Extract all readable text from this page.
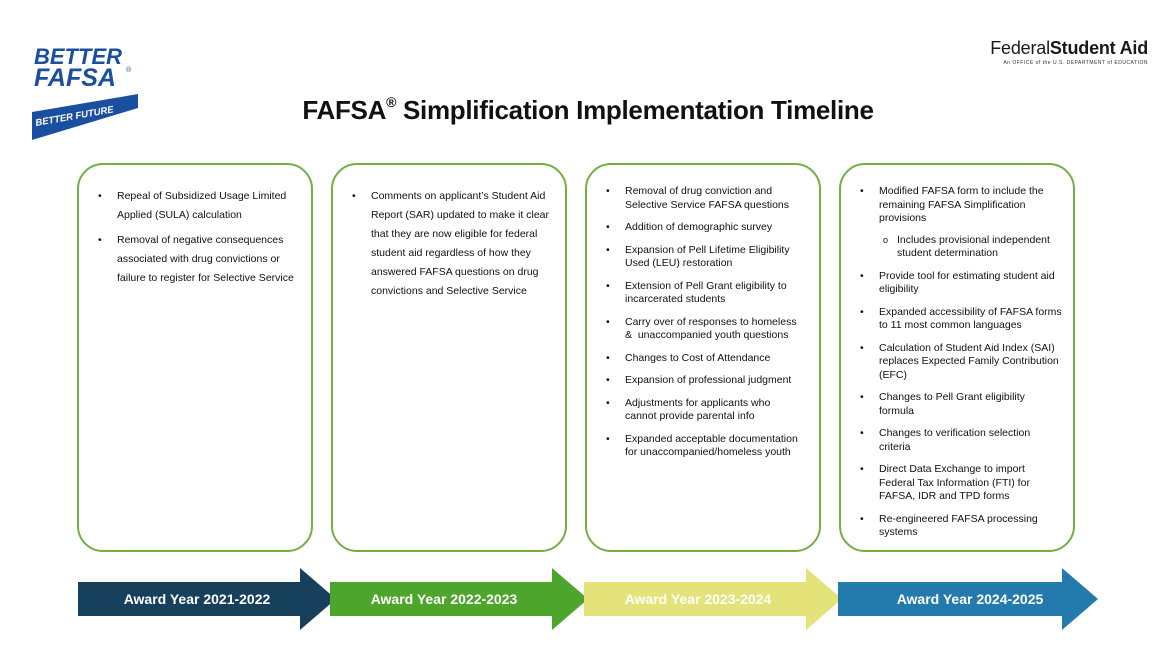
BETTER
FAFSA ®
BETTER FUTURE
FederalStudent Aid
An OFFICE of the U.S. DEPARTMENT of EDUCATION
FAFSA® Simplification Implementation Timeline
• Repeal of Subsidized Usage Limited Applied (SULA) calculation
• Removal of negative consequences associated with drug convictions or failure to register for Selective Service
• Comments on applicant’s Student Aid Report (SAR) updated to make it clear that they are now eligible for federal student aid regardless of how they answered FAFSA questions on drug convictions and Selective Service
• Removal of drug conviction and Selective Service FAFSA questions
• Addition of demographic survey
• Expansion of Pell Lifetime Eligibility Used (LEU) restoration
• Extension of Pell Grant eligibility to incarcerated students
• Carry over of responses to homeless &  unaccompanied youth questions
• Changes to Cost of Attendance
• Expansion of professional judgment
• Adjustments for applicants who cannot provide parental info
• Expanded acceptable documentation for unaccompanied/homeless youth
• Modified FAFSA form to include the remaining FAFSA Simplification provisions
o Includes provisional independent student determination
• Provide tool for estimating student aid eligibility
• Expanded accessibility of FAFSA forms to 11 most common languages
• Calculation of Student Aid Index (SAI) replaces Expected Family Contribution (EFC)
• Changes to Pell Grant eligibility formula
• Changes to verification selection criteria
• Direct Data Exchange to import Federal Tax Information (FTI) for FAFSA, IDR and TPD forms
• Re-engineered FAFSA processing systems
Award Year 2021-2022	Award Year 2022-2023	Award Year 2023-2024	Award Year 2024-2025
